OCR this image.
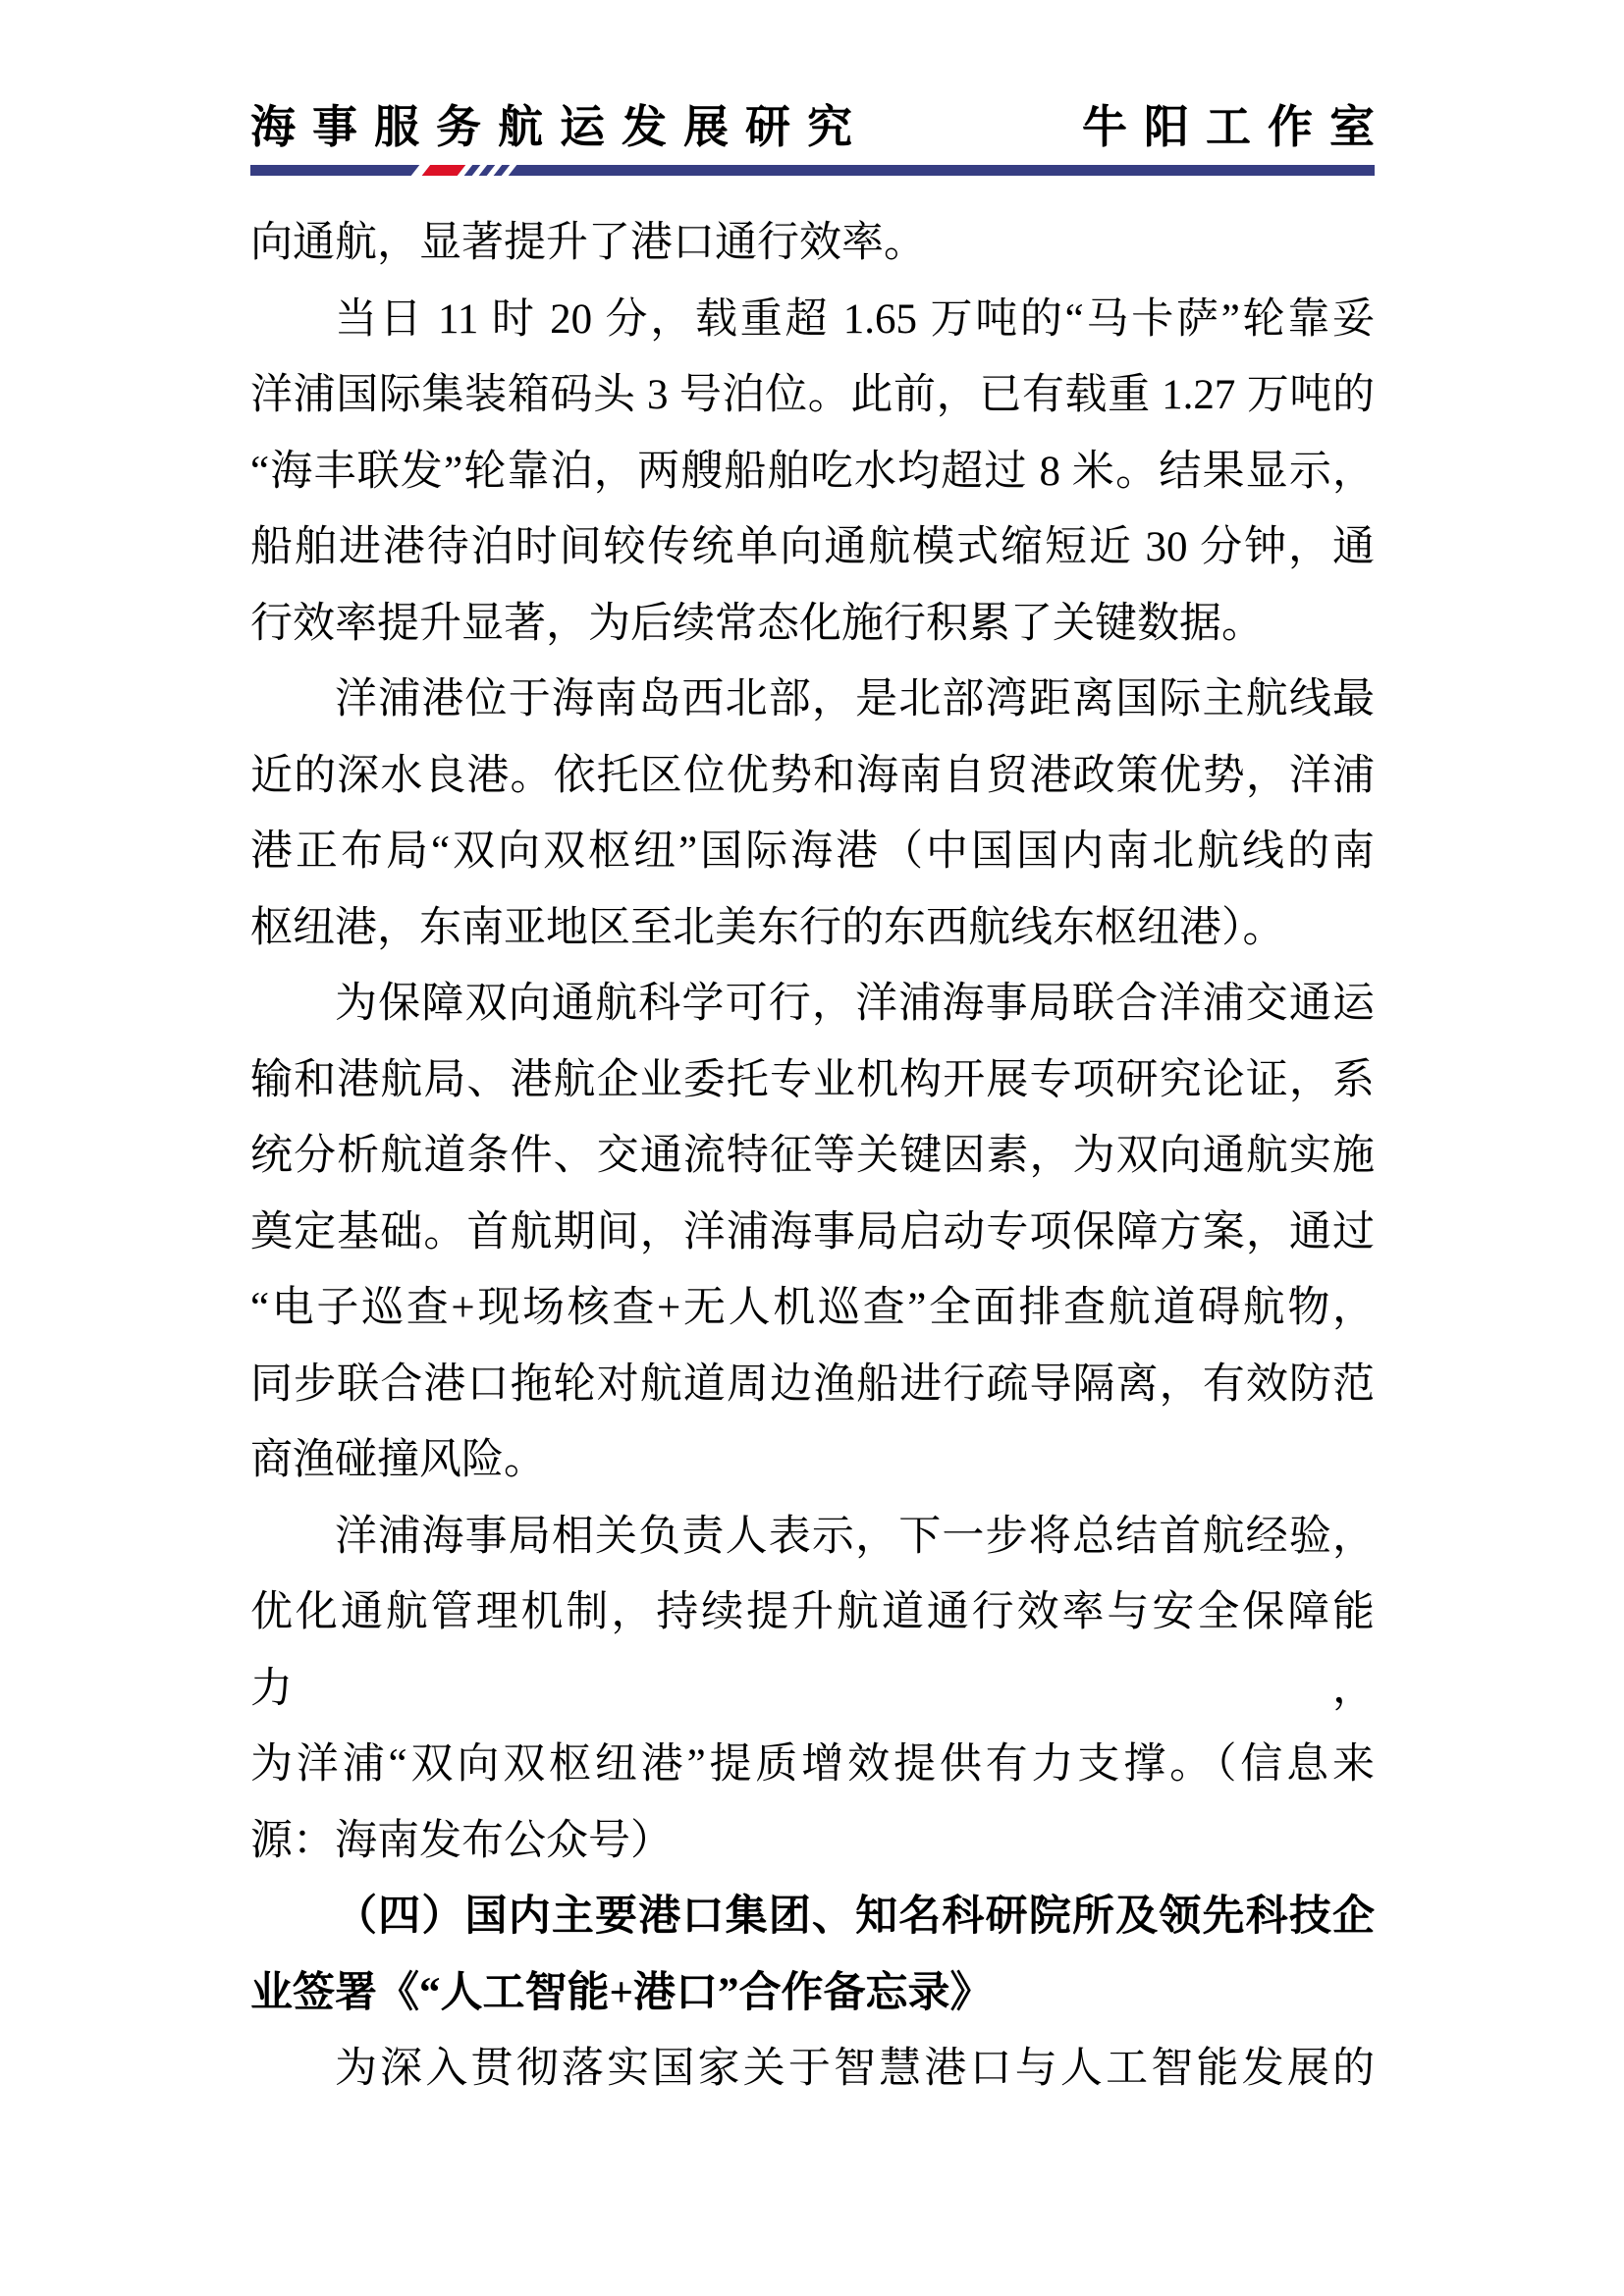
海事服务航运发展研究	牛阳工作室

向通航，显著提升了港口通行效率。

当日 11 时 20 分，载重超 1.65 万吨的“马卡萨”轮靠妥

洋浦国际集装箱码头 3 号泊位。此前，已有载重 1.27 万吨的

“海丰联发”轮靠泊，两艘船舶吃水均超过 8 米。结果显示，

船舶进港待泊时间较传统单向通航模式缩短近 30 分钟，通

行效率提升显著，为后续常态化施行积累了关键数据。

洋浦港位于海南岛西北部，是北部湾距离国际主航线最

近的深水良港。依托区位优势和海南自贸港政策优势，洋浦

港正布局“双向双枢纽”国际海港（中国国内南北航线的南

枢纽港，东南亚地区至北美东行的东西航线东枢纽港）。

为保障双向通航科学可行，洋浦海事局联合洋浦交通运

输和港航局、港航企业委托专业机构开展专项研究论证，系

统分析航道条件、交通流特征等关键因素，为双向通航实施

奠定基础。首航期间，洋浦海事局启动专项保障方案，通过

“电子巡查+现场核查+无人机巡查”全面排查航道碍航物，

同步联合港口拖轮对航道周边渔船进行疏导隔离，有效防范

商渔碰撞风险。

洋浦海事局相关负责人表示，下一步将总结首航经验，

优化通航管理机制，持续提升航道通行效率与安全保障能力，

为洋浦“双向双枢纽港”提质增效提供有力支撑。（信息来

源：海南发布公众号）

（四）国内主要港口集团、知名科研院所及领先科技企

业签署《“人工智能+港口”合作备忘录》

为深入贯彻落实国家关于智慧港口与人工智能发展的
